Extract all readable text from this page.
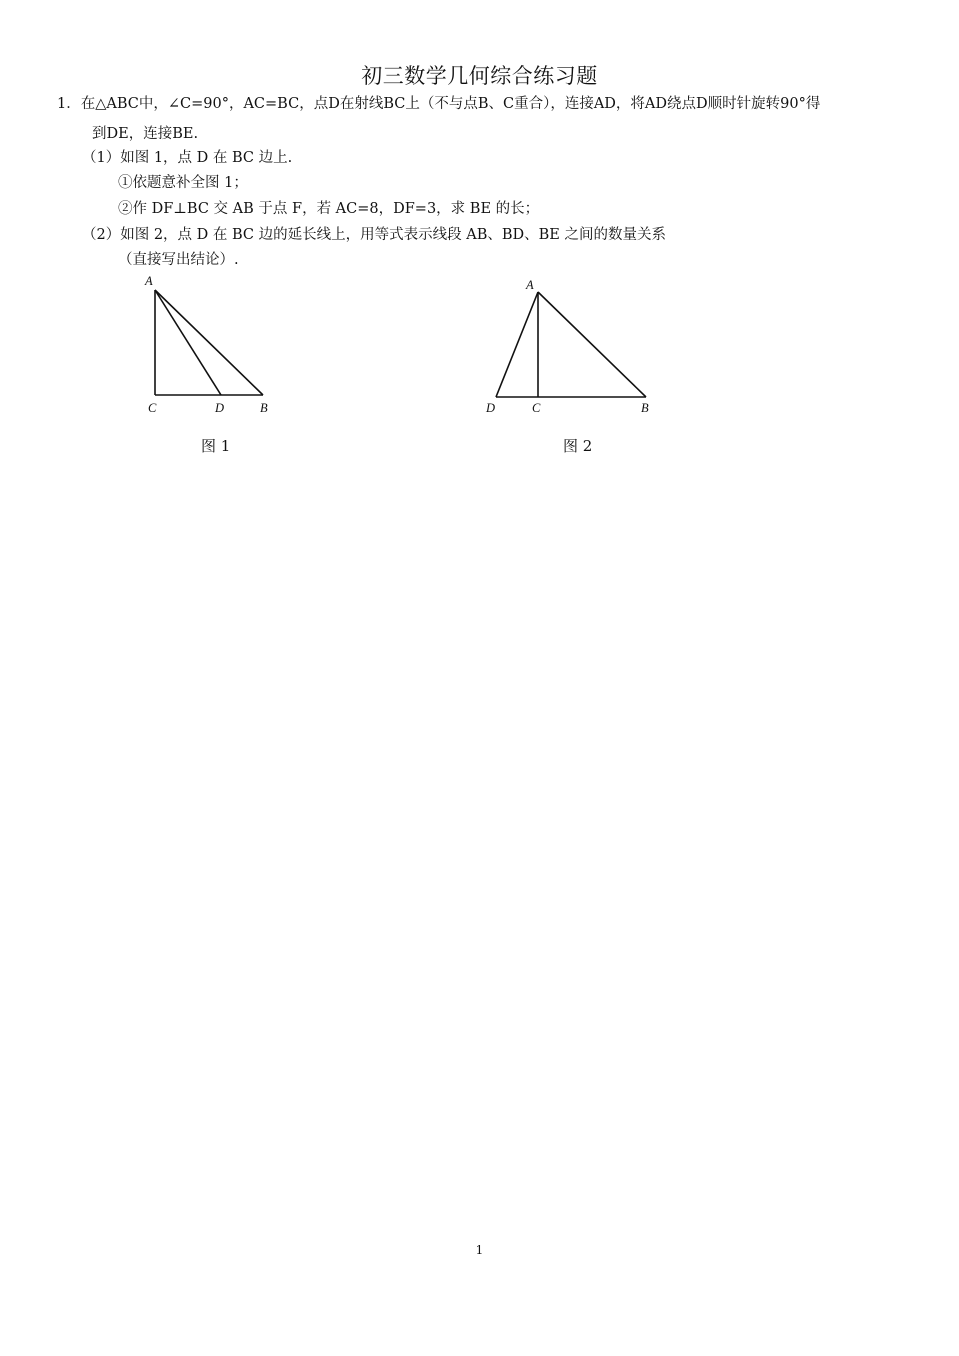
初三数学几何综合练习题
1．在△ABC中，∠C=90°，AC=BC，点D在射线BC上（不与点B、C重合），连接AD，将AD绕点D顺时针旋转90°得
到DE，连接BE.
（1）如图 1，点 D 在 BC 边上.
①依题意补全图 1；
②作 DF⊥BC 交 AB 于点 F，若 AC=8，DF=3，求 BE 的长；
（2）如图 2，点 D 在 BC 边的延长线上，用等式表示线段 AB、BD、BE 之间的数量关系
（直接写出结论）.
A
C	D	B
A
D	C	B
图 1	图 2
1
